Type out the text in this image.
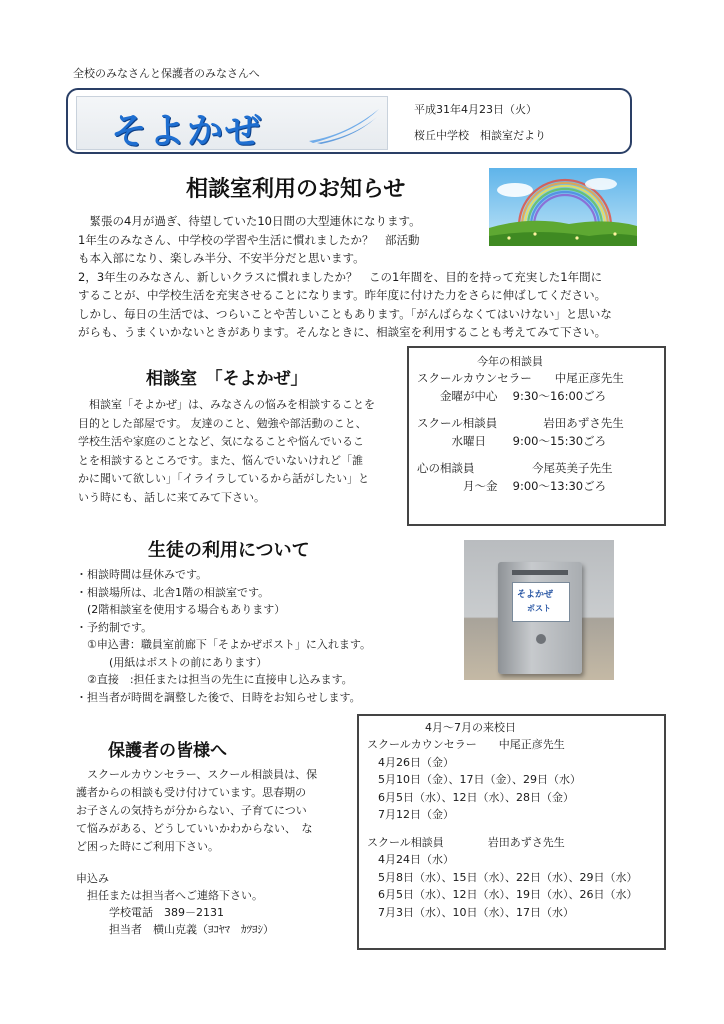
全校のみなさんと保護者のみなさんへ
そよかぜ
平成31年4月23日（火）
桜丘中学校　相談室だより
相談室利用のお知らせ
　緊張の4月が過ぎ、待望していた10日間の大型連休になります。
1年生のみなさん、中学校の学習や生活に慣れましたか？　部活動
も本入部になり、楽しみ半分、不安半分だと思います。
2，3年生のみなさん、新しいクラスに慣れましたか？　この1年間を、目的を持って充実した1年間に
することが、中学校生活を充実させることになります。昨年度に付けた力をさらに伸ばしてください。
しかし、毎日の生活では、つらいことや苦しいこともあります。「がんばらなくてはいけない」と思いな
がらも、うまくいかないときがあります。そんなときに、相談室を利用することも考えてみて下さい。
相談室　「そよかぜ」
　相談室「そよかぜ」は、みなさんの悩みを相談することを
目的とした部屋です。 友達のこと、勉強や部活動のこと、
学校生活や家庭のことなど、気になることや悩んでいるこ
とを相談するところです。また、悩んでいないけれど「誰
かに聞いて欲しい」「イライラしているから話がしたい」と
いう時にも、話しに来てみて下さい。
今年の相談員
スクールカウンセラー　　中尾正彦先生
　　金曜が中心　 9:30～16:00ごろ
スクール相談員　　　　岩田あずさ先生
　　　水曜日　　 9:00～15:30ごろ
心の相談員　　　　　今尾英美子先生
　　　　月～金　 9:00～13:30ごろ
生徒の利用について
・相談時間は昼休みです。
・相談場所は、北舎1階の相談室です。
　(2階相談室を使用する場合もあります）
・予約制です。
　①申込書：職員室前廊下「そよかぜポスト」に入れます。
　　　(用紙はポストの前にあります）
　②直接　:担任または担当の先生に直接申し込みます。
・担当者が時間を調整した後で、日時をお知らせします。
そよかぜ
ポスト
保護者の皆様へ
　スクールカウンセラー、スクール相談員は、保
護者からの相談も受け付けています。思春期の
お子さんの気持ちが分からない、子育てについ
て悩みがある、どうしていいかわからない、　な
ど困った時にご利用下さい。
申込み
　担任または担当者へご連絡下さい。
　　　学校電話　389－2131
　　　担当者　横山克義（ﾖｺﾔﾏ　ｶﾂﾖｼ）
4月～7月の来校日
スクールカウンセラー　　中尾正彦先生
　4月26日（金）
　5月10日（金）、17日（金）、29日（水）
　6月5日（水）、12日（水）、28日（金）
　7月12日（金）
スクール相談員　　　　岩田あずさ先生
　4月24日（水）
　5月8日（水）、15日（水）、22日（水）、29日（水）
　6月5日（水）、12日（水）、19日（水）、26日（水）
　7月3日（水）、10日（水）、17日（水）
